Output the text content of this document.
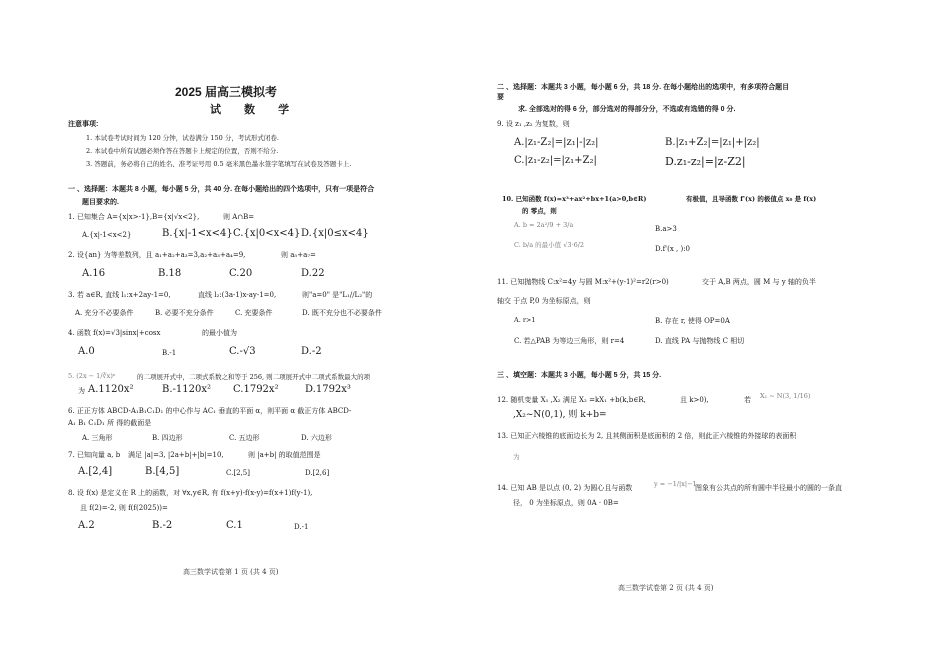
2025 届高三模拟考
试 数 学
注意事项:
1. 本试卷考试时间为 120 分钟，试卷满分 150 分，考试形式闭卷.
2. 本试卷中所有试题必须作答在答题卡上规定的位置，否则不给分.
3. 答题前，务必将自己的姓名、准考证号用 0.5 毫米黑色墨水签字笔填写在试卷及答题卡上.
一 、选择题：本题共 8 小题，每小题 5 分，共 40 分. 在每小题给出的四个选项中，只有一项是符合
题目要求的.
1. 已知集合 A={x|x>-1},B={x|√x<2},	则 A∩B=
A.{x|-1<x<2}	B.{x|-1<x<4} C.{x|0<x<4} D.{x|0≤x<4}
2. 设{an} 为等差数列，且 a₁+a₂+a₃=3,a₂+a₃+a₄=9,	则 a₅+a₇=
A.16	B.18	C.20	D.22
3. 若 a∈R, 直线 l₁:x+2ay-1=0,	直线 l₂:(3a-1)x-ay-1=0,	则"a=0" 是"L₁//L₂"的
A. 充分不必要条件	B. 必要不充分条件	C. 充要条件	D. 既不充分也不必要条件
4. 函数 f(x)=√3|sinx|+cosx	的最小值为
A.0	B.-1	C.-√3	D.-2
5. (2x − 1/∛x)ⁿ	的二项展开式中，二项式系数之和等于 256, 则二项展开式中二项式系数最大的项
为 A.1120x²	B.-1120x² C.1792x²	D.1792x³
6. 正正方体 ABCD-A₁B₁C₁D₁ 的中心作与 AC₁ 垂直的平面 α，则平面 α 截正方体 ABCD-
A₁ B₁ C₁D₁ 所 得的截面是
A. 三角形	B. 四边形	C. 五边形	D. 六边形
7. 已知向量 a, b 满足 |a|=3, |2a+b|+|b|=10,	则 |a+b| 的取值范围是
A.[2,4]	B.[4,5]	C.[2,5]	D.[2,6]
8. 设 f(x) 是定义在 R 上的函数，对 ∀x,y∈R, 有 f(x+y)-f(x-y)=f(x+1)f(y-1),
且 f(2)=-2, 则 f(f(2025))=
A.2	B.-2	C.1	D.-1
高三数学试卷第 1 页 (共 4 页)
二 、选择题：本题共 3 小题，每小题 6 分，共 18 分. 在每小题给出的选项中，有多项符合题目
要
求. 全部选对的得 6 分，部分选对的得部分分，不选或有选错的得 0 分.
9. 设 z₁ ,z₂ 为复数，则
A.|z₁-Z₂|=|z₁|-|z₂|	B.|z₁+Z₂|=|z₁|+|z₂|
C.|z₁-z₂|=|z₁+Z₂|	D.z₁-z₂|=|z-Z2|
10. 已知函数 f(x)=x³+ax²+bx+1(a>0,b∈R)	有极值，且导函数 f'(x) 的极值点 x₀ 是 f(x)
的 零点，则
A. b = 2a²/9 + 3/a	B.a>3
C. b/a 的最小值 √3·6/2	D.f'(x , ):0
11. 已知抛物线 C:x²=4y 与圆 M:x²+(y-1)²=r2(r>0)	交于 A,B 两点，圆 M 与 y 轴的负半
轴交 于点 P,0 为坐标原点，则
A. r>1	B. 存在 r, 使得 OP=0A
C. 若△PAB 为等边三角形，则 r=4	D. 直线 PA 与抛物线 C 相切
三 、填空题：本题共 3 小题，每小题 5 分，共 15 分.
12. 随机变量 X₁ ,X₂ 满足 X₂ =kX₁ +b(k,b∈R,	且 k>0),	若 X₁ ~ N(3, 1/16)
,X₂~N(0,1), 则 k+b=
13. 已知正六棱锥的底面边长为 2, 且其侧面积是底面积的 2 倍，则此正六棱锥的外接球的表面积
为
14. 已知 AB 是以点 (0, 2) 为圆心且与函数	y = −1/|x|−1
图象有公共点的所有圆中半径最小的圆的一条直
径， 0 为坐标原点，则 0A · 0B=
高三数学试卷第 2 页 (共 4 页)
